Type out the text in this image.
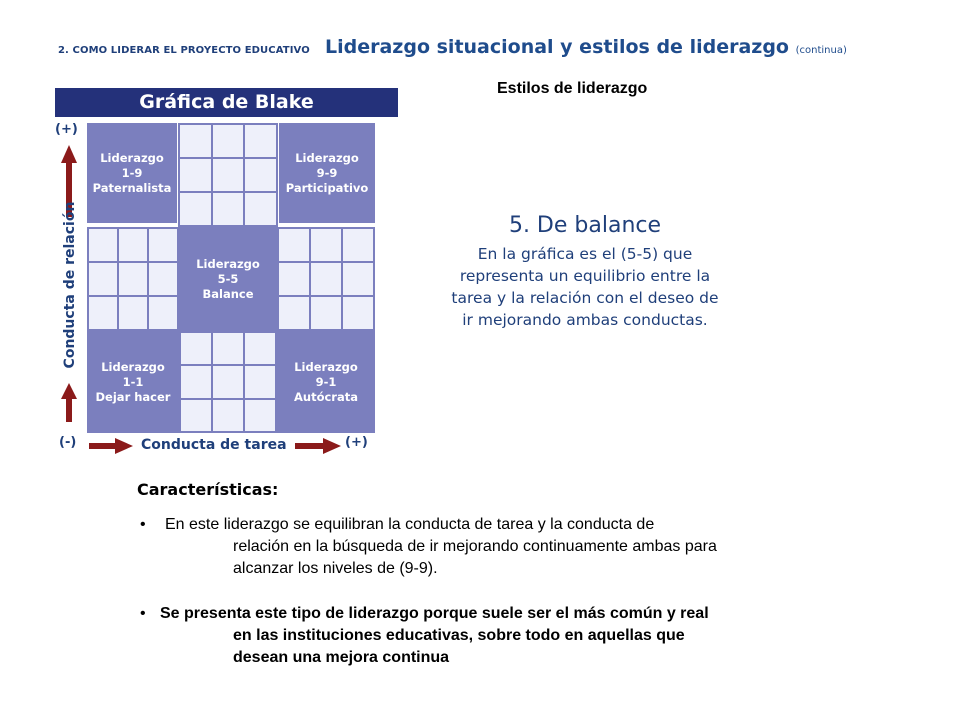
2. COMO LIDERAR EL PROYECTO EDUCATIVO Liderazgo situacional y estilos de liderazgo (continua)
Estilos de liderazgo
Gráfica de Blake
Liderazgo
1-9
Paternalista
Liderazgo
9-9
Participativo
Liderazgo
5-5
Balance
Liderazgo
1-1
Dejar hacer
Liderazgo
9-1
Autócrata
(+)
(-)	Conducta de tarea	(+)
Conducta de relación	5. De balance
En la gráfica es el (5-5) que
representa un equilibrio entre la
tarea y la relación con el deseo de
ir mejorando ambas conductas.
Características:
• En este liderazgo se equilibran la conducta de tarea y la conducta de
relación en la búsqueda de ir mejorando continuamente ambas para
alcanzar los niveles de (9-9).
• Se presenta este tipo de liderazgo porque suele ser el más común y real
en las instituciones educativas, sobre todo en aquellas que
desean una mejora continua
